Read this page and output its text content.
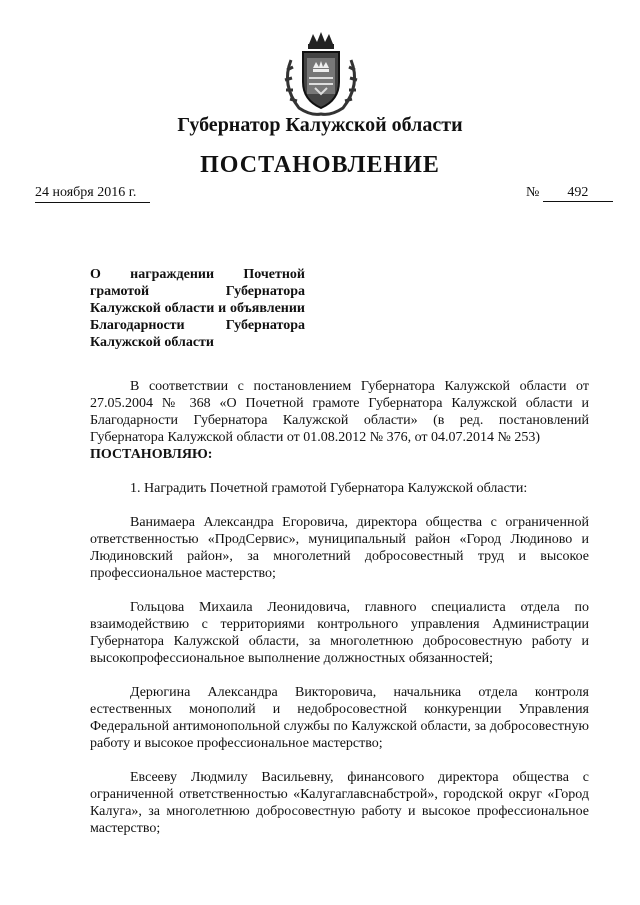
Губернатор Калужской области
ПОСТАНОВЛЕНИЕ
24 ноября 2016 г.	№ 492
О награждении Почетной грамотой Губернатора Калужской области и объявлении Благодарности Губернатора Калужской области

В соответствии с постановлением Губернатора Калужской области от 27.05.2004 № 368 «О Почетной грамоте Губернатора Калужской области и Благодарности Губернатора Калужской области» (в ред. постановлений Губернатора Калужской области от 01.08.2012 № 376, от 04.07.2014 № 253)

ПОСТАНОВЛЯЮ:

1. Наградить Почетной грамотой Губернатора Калужской области:

Ванимаера Александра Егоровича, директора общества с ограниченной ответственностью «ПродСервис», муниципальный район «Город Людиново и Людиновский район», за многолетний добросовестный труд и высокое профессиональное мастерство;

Гольцова Михаила Леонидовича, главного специалиста отдела по взаимодействию с территориями контрольного управления Администрации Губернатора Калужской области, за многолетнюю добросовестную работу и высокопрофессиональное выполнение должностных обязанностей;

Дерюгина Александра Викторовича, начальника отдела контроля естественных монополий и недобросовестной конкуренции Управления Федеральной антимонопольной службы по Калужской области, за добросовестную работу и высокое профессиональное мастерство;

Евсееву Людмилу Васильевну, финансового директора общества с ограниченной ответственностью «Калугаглавснабстрой», городской округ «Город Калуга», за многолетнюю добросовестную работу и высокое профессиональное мастерство;
